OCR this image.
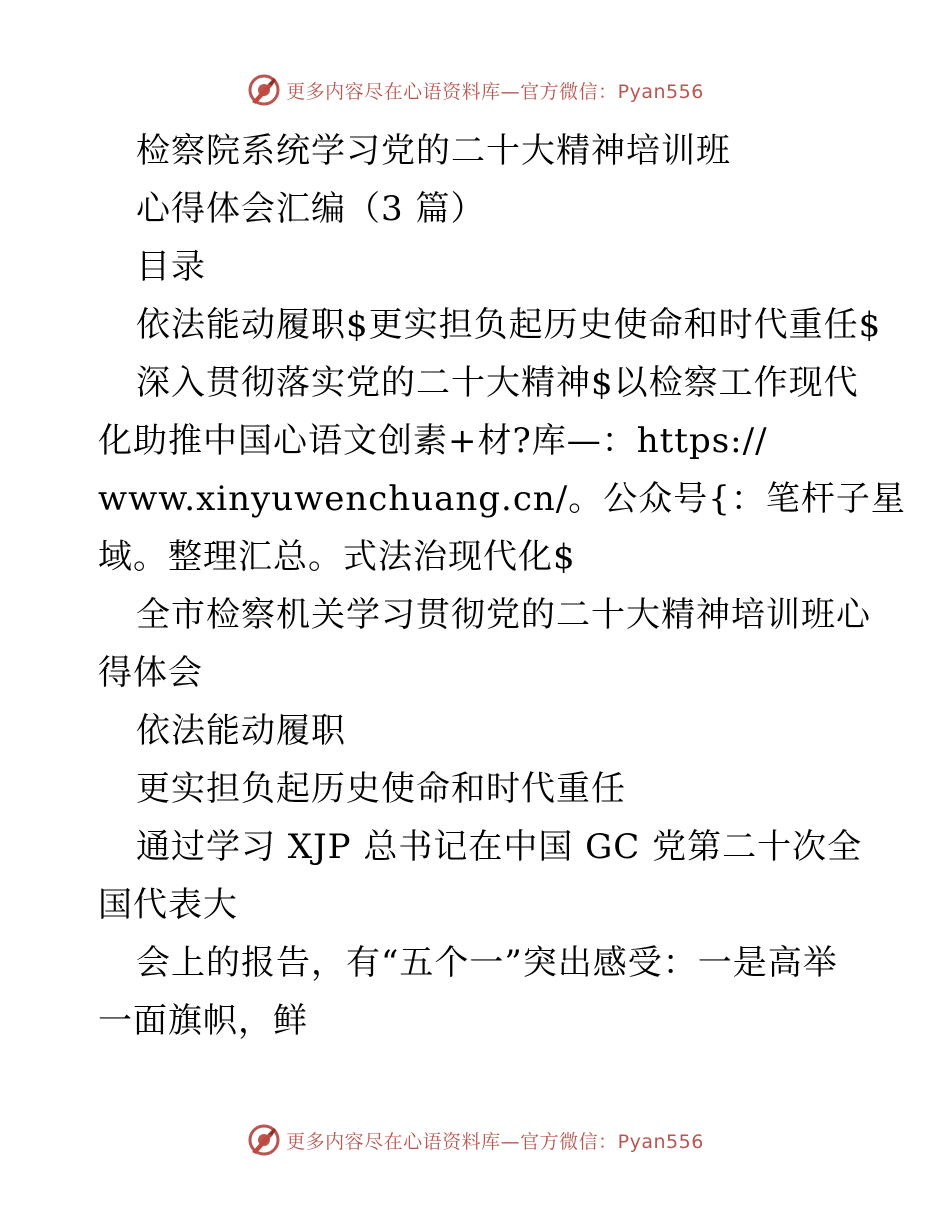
更多内容尽在心语资料库—官方微信：Pyan556
检察院系统学习党的二十大精神培训班
心得体会汇编（3 篇）
目录
依法能动履职$更实担负起历史使命和时代重任$
深入贯彻落实党的二十大精神$以检察工作现代
化助推中国心语文创素+材?库—：https://
www.xinyuwenchuang.cn/。公众号{：笔杆子星
域。整理汇总。式法治现代化$
全市检察机关学习贯彻党的二十大精神培训班心
得体会
依法能动履职
更实担负起历史使命和时代重任
通过学习 XJP 总书记在中国 GC 党第二十次全
国代表大
会上的报告，有“五个一”突出感受：一是高举
一面旗帜，鲜
更多内容尽在心语资料库—官方微信：Pyan556
